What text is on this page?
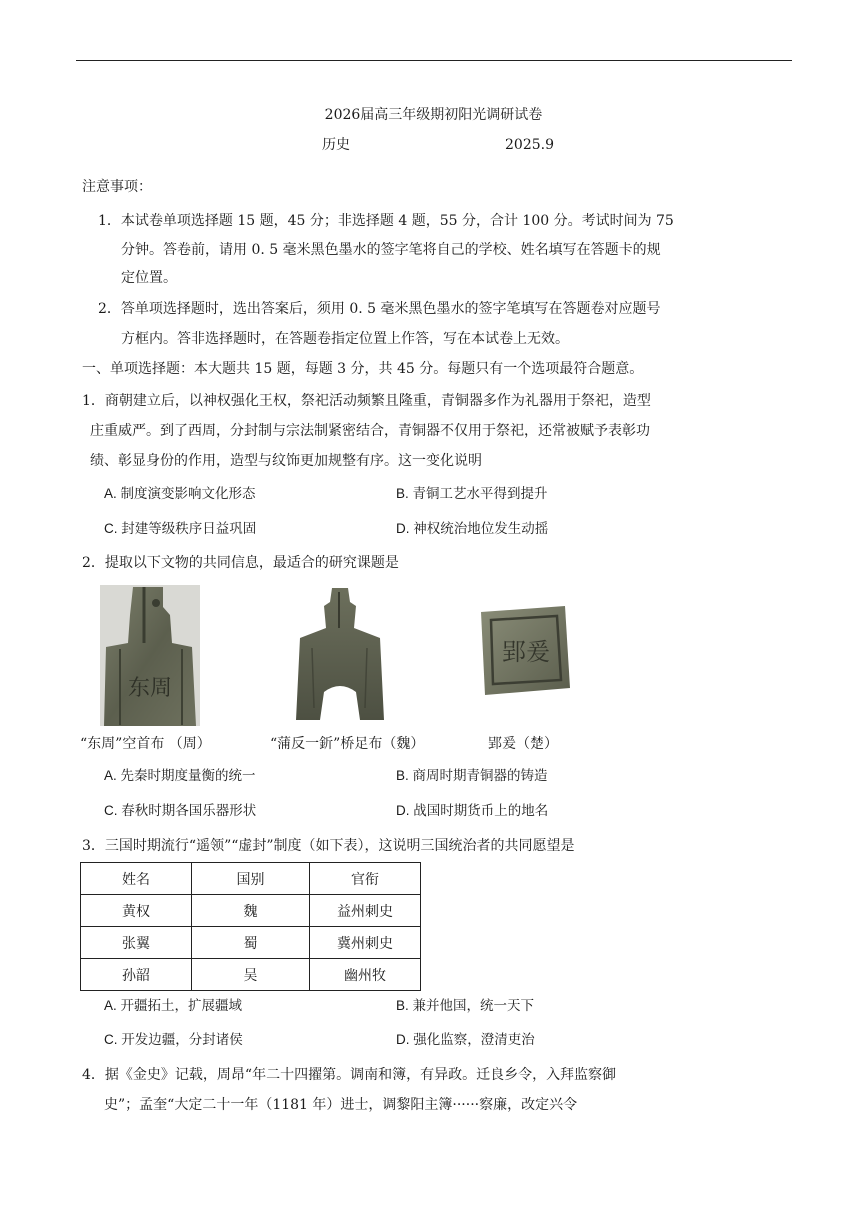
2026届高三年级期初阳光调研试卷
历史	2025.9
注意事项：
1．本试卷单项选择题 15 题，45 分；非选择题 4 题，55 分，合计 100 分。考试时间为 75
分钟。答卷前，请用 0. 5 毫米黑色墨水的签字笔将自己的学校、姓名填写在答题卡的规
定位置。
2．答单项选择题时，选出答案后，须用 0. 5 毫米黑色墨水的签字笔填写在答题卷对应题号
方框内。答非选择题时，在答题卷指定位置上作答，写在本试卷上无效。
一、单项选择题：本大题共 15 题，每题 3 分，共 45 分。每题只有一个选项最符合题意。
1．商朝建立后，以神权强化王权，祭祀活动频繁且隆重，青铜器多作为礼器用于祭祀，造型
庄重威严。到了西周，分封制与宗法制紧密结合，青铜器不仅用于祭祀，还常被赋予表彰功
绩、彰显身份的作用，造型与纹饰更加规整有序。这一变化说明
A. 制度演变影响文化形态	B. 青铜工艺水平得到提升
C. 封建等级秩序日益巩固	D. 神权统治地位发生动摇
2．提取以下文物的共同信息，最适合的研究课题是
东周
郢爰
“东周”空首布 （周）	“蒲反一釿”桥足布（魏）	郢爰（楚）
A. 先秦时期度量衡的统一	B. 商周时期青铜器的铸造
C. 春秋时期各国乐器形状	D. 战国时期货币上的地名
3．三国时期流行“遥领”“虚封”制度（如下表），这说明三国统治者的共同愿望是
姓名	国别	官衔
黄权	魏	益州刺史
张翼	蜀	冀州刺史
孙韶	吴	幽州牧
A. 开疆拓土，扩展疆域	B. 兼并他国，统一天下
C. 开发边疆，分封诸侯	D. 强化监察，澄清吏治
4．据《金史》记载，周昂“年二十四擢第。调南和簿，有异政。迁良乡令，入拜监察御
史”；孟奎“大定二十一年（1181 年）进士，调黎阳主簿······察廉，改定兴令
